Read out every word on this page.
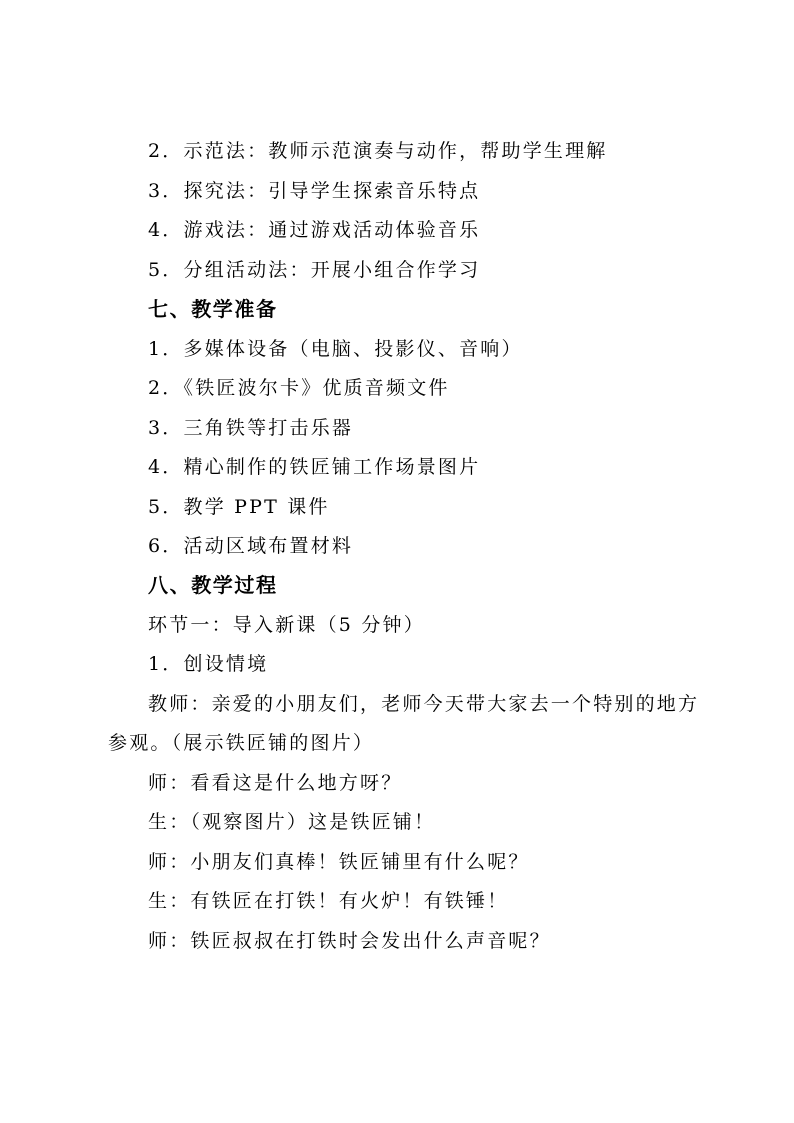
2．示范法：教师示范演奏与动作，帮助学生理解
3．探究法：引导学生探索音乐特点
4．游戏法：通过游戏活动体验音乐
5．分组活动法：开展小组合作学习
七、教学准备
1．多媒体设备（电脑、投影仪、音响）
2．《铁匠波尔卡》优质音频文件
3．三角铁等打击乐器
4．精心制作的铁匠铺工作场景图片
5．教学 PPT 课件
6．活动区域布置材料
八、教学过程
环节一：导入新课（5 分钟）
1．创设情境
教师：亲爱的小朋友们，老师今天带大家去一个特别的地方
参观。（展示铁匠铺的图片）
师：看看这是什么地方呀？
生：（观察图片）这是铁匠铺！
师：小朋友们真棒！铁匠铺里有什么呢？
生：有铁匠在打铁！有火炉！有铁锤！
师：铁匠叔叔在打铁时会发出什么声音呢？
